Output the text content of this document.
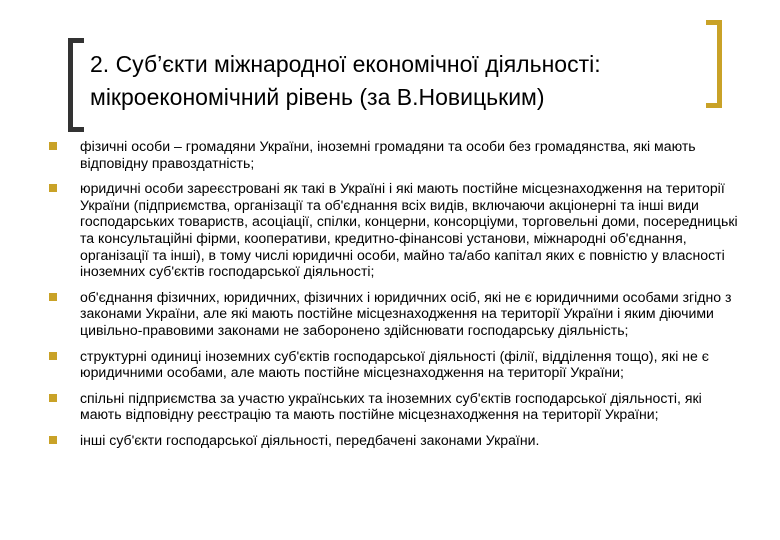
2. Суб’єкти міжнародної економічної діяльності:
мікроекономічний рівень (за В.Новицьким)
фізичні особи – громадяни України, іноземні громадяни та особи без громадянства, які мають відповідну правоздатність;
юридичні особи зареєстровані як такі в Україні і які мають постійне місцезнаходження на території України (підприємства, організації та об'єднання всіх видів, включаючи акціонерні та інші види господарських товариств, асоціації, спілки, концерни, консорціуми, торговельні доми, посередницькі та консультаційні фірми, кооперативи, кредитно-фінансові установи, міжнародні об'єднання, організації та інші), в тому числі юридичні особи, майно та/або капітал яких є повністю у власності іноземних суб'єктів господарської діяльності;
об'єднання фізичних, юридичних, фізичних і юридичних осіб, які не є юридичними особами згідно з законами України, але які мають постійне місцезнаходження на території України і яким діючими цивільно-правовими законами не заборонено здійснювати господарську діяльність;
структурні одиниці іноземних суб'єктів господарської діяльності (філії, відділення тощо), які не є юридичними особами, але мають постійне місцезнаходження на території України;
спільні підприємства за участю українських та іноземних суб'єктів господарської діяльності, які мають відповідну реєстрацію та мають постійне місцезнаходження на території України;
інші суб'єкти господарської діяльності, передбачені законами України.
